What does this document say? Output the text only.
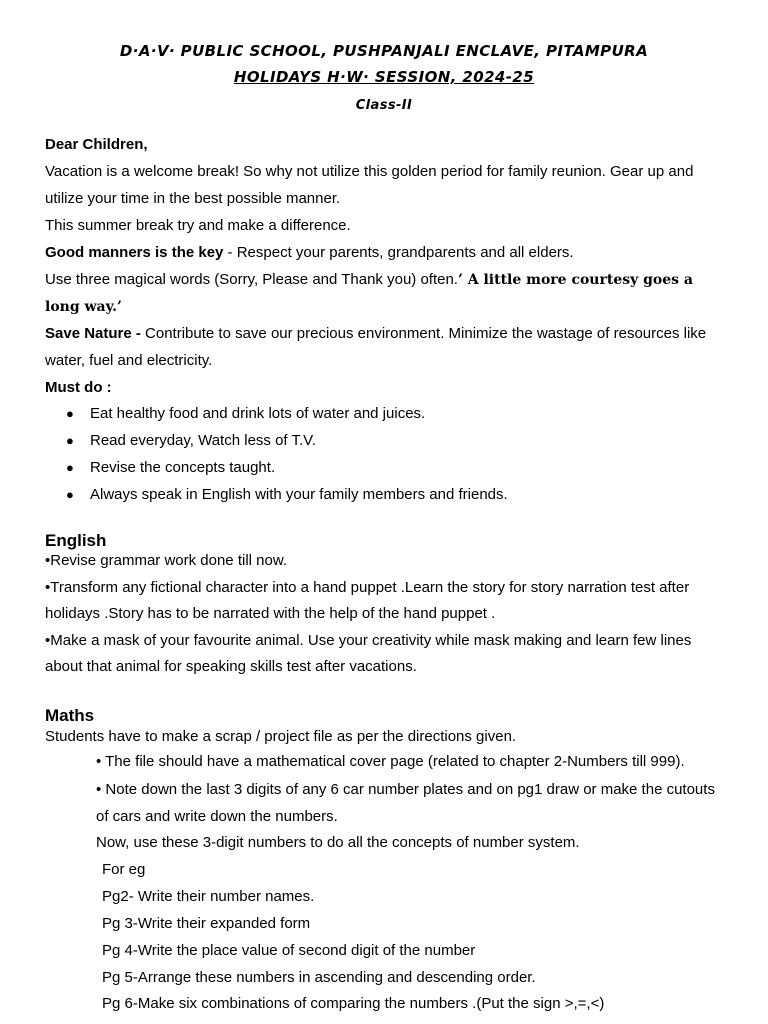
D·A·V· PUBLIC SCHOOL, PUSHPANJALI ENCLAVE, PITAMPURA
HOLIDAYS H·W· SESSION, 2024-25
Class-II
Dear Children,
Vacation is a welcome break! So why not utilize this golden period for family reunion. Gear up and
utilize your time in the best possible manner.
This summer break try and make a difference.
Good manners is the key - Respect your parents, grandparents and all elders.
Use three magical words (Sorry, Please and Thank you) often.’ A little more courtesy goes a
long way.’
Save Nature - Contribute to save our precious environment. Minimize the wastage of resources like
water, fuel and electricity.
Must do :
● Eat healthy food and drink lots of water and juices.
● Read everyday, Watch less of T.V.
● Revise the concepts taught.
● Always speak in English with your family members and friends.
English
•Revise grammar work done till now.
•Transform any fictional character into a hand puppet .Learn the story for story narration test after
holidays .Story has to be narrated with the help of the hand puppet .
•Make a mask of your favourite animal. Use your creativity while mask making and learn few lines
about that animal for speaking skills test after vacations.
Maths
Students have to make a scrap / project file as per the directions given.
• The file should have a mathematical cover page (related to chapter 2-Numbers till 999).
• Note down the last 3 digits of any 6 car number plates and on pg1 draw or make the cutouts
of cars and write down the numbers.
Now, use these 3-digit numbers to do all the concepts of number system.
For eg
Pg2- Write their number names.
Pg 3-Write their expanded form
Pg 4-Write the place value of second digit of the number
Pg 5-Arrange these numbers in ascending and descending order.
Pg 6-Make six combinations of comparing the numbers .(Put the sign >,=,<)
